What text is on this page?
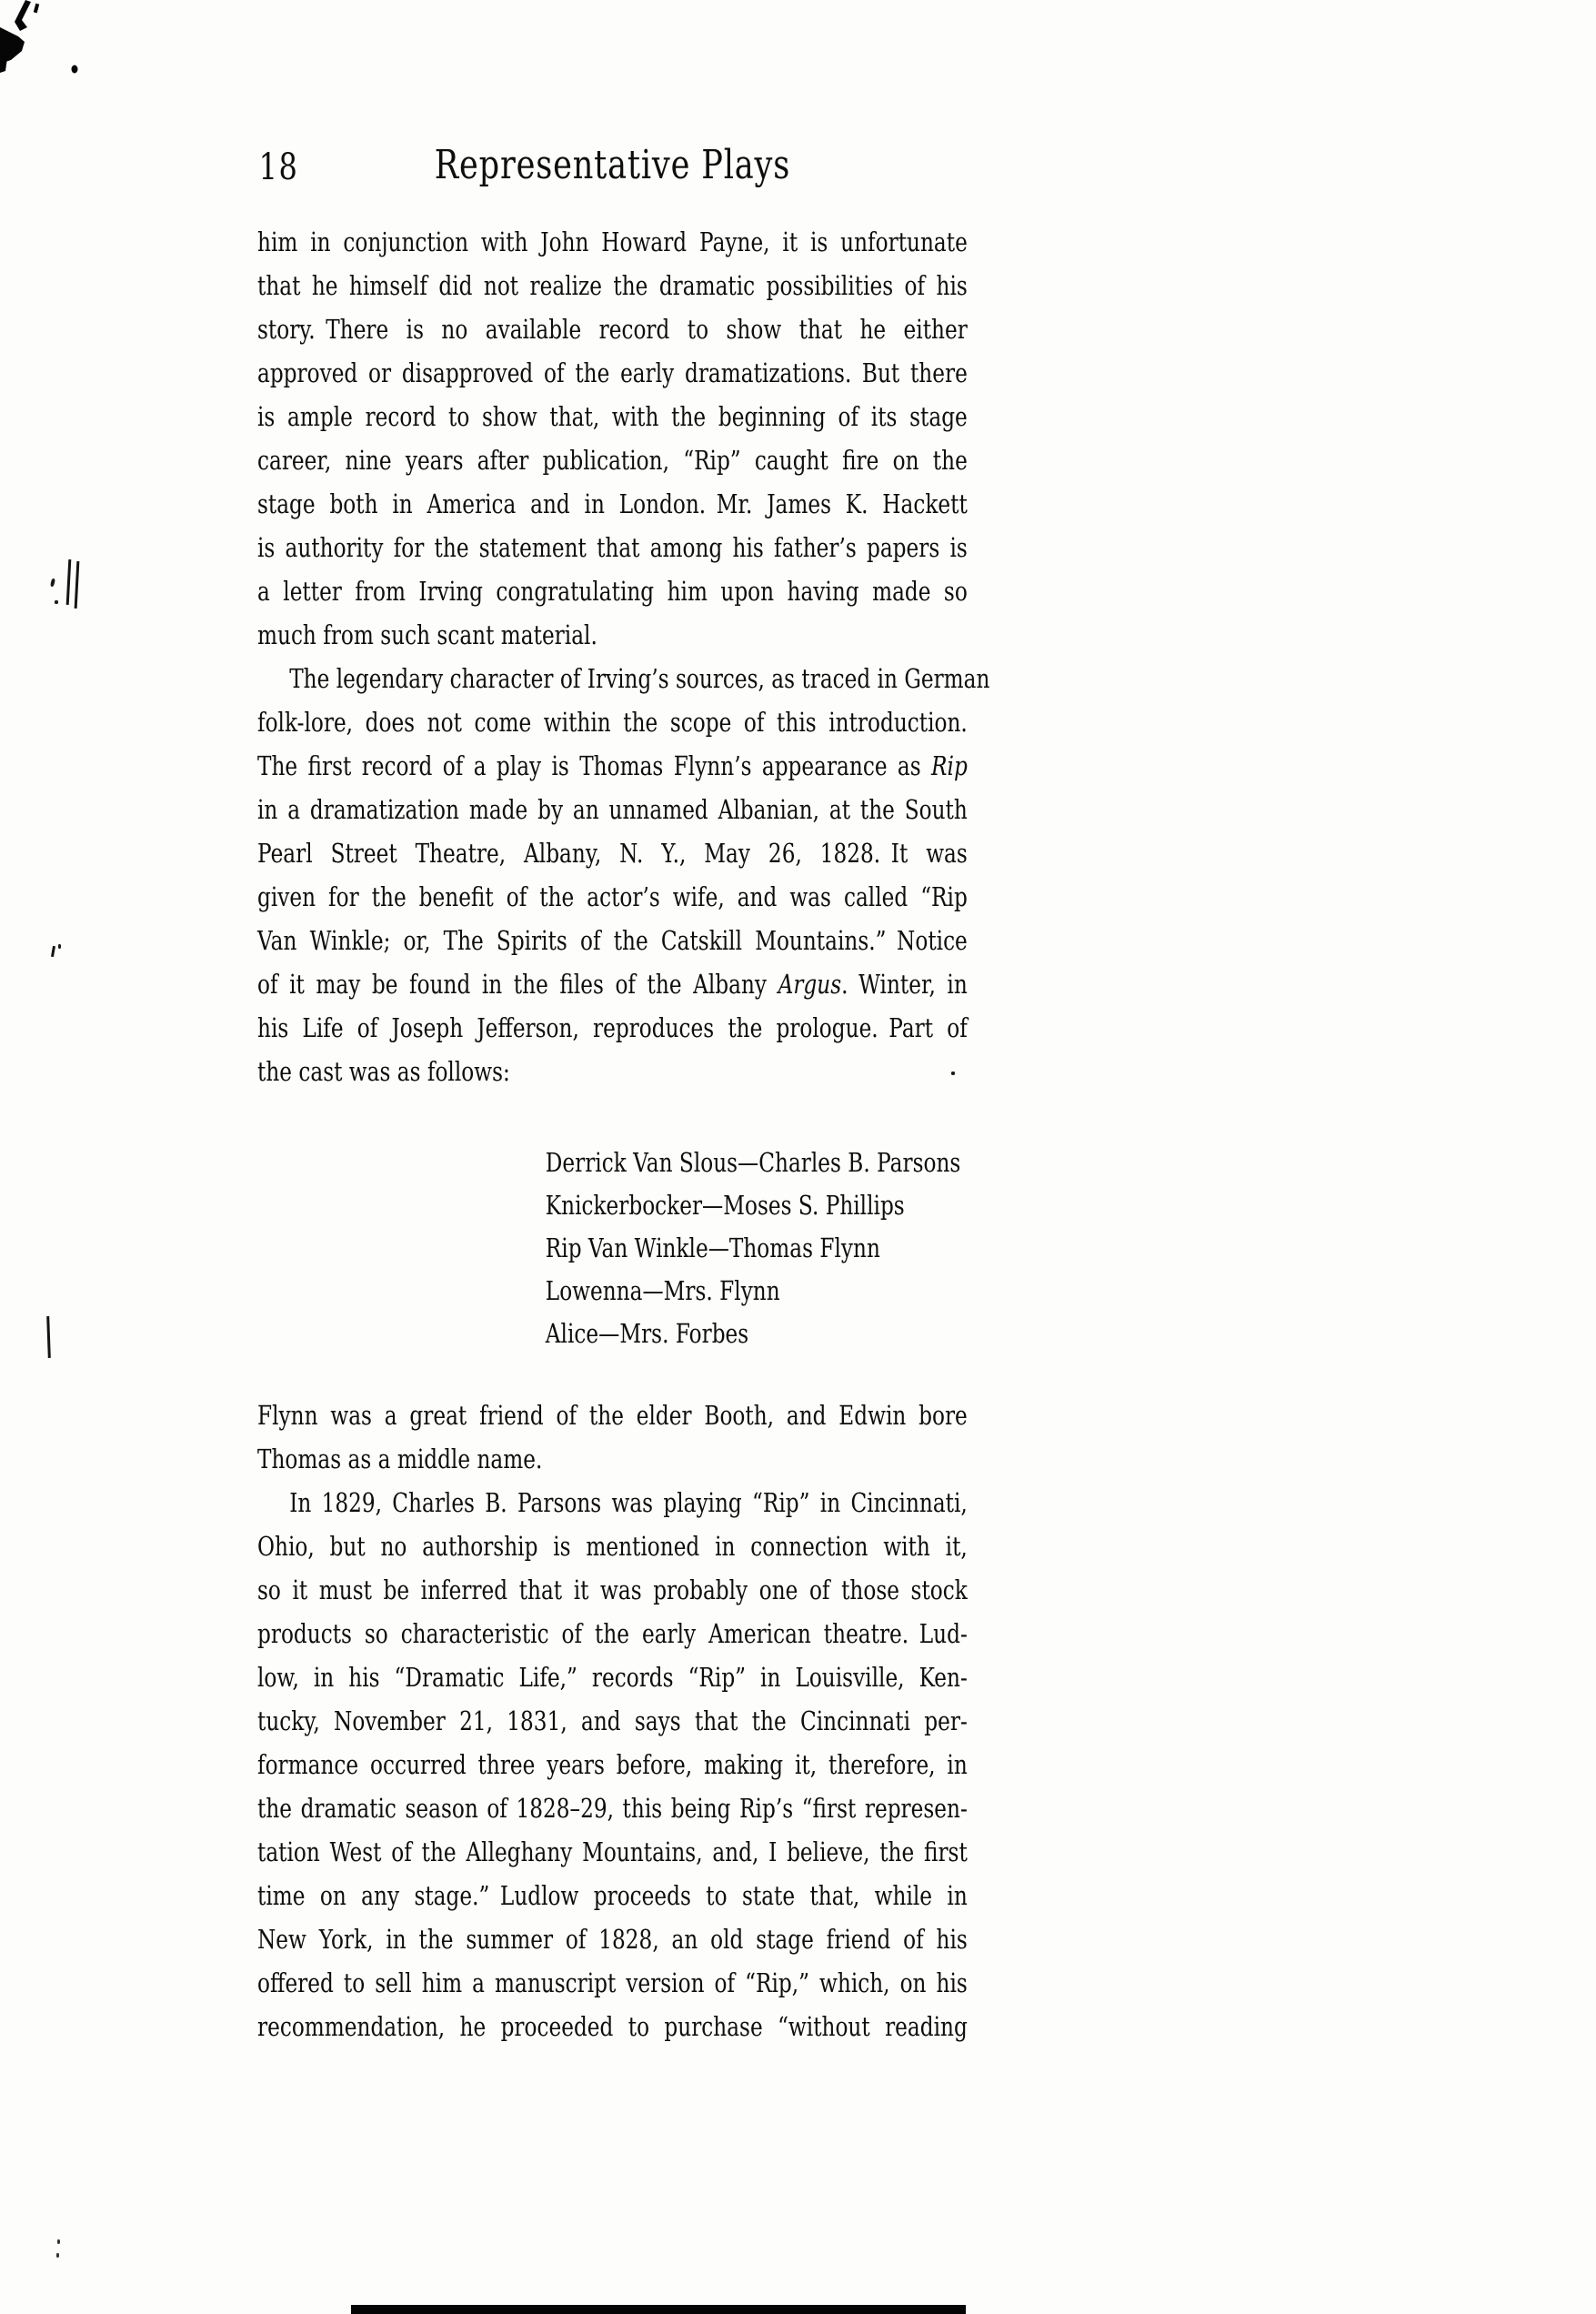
18	Representative Plays
him in conjunction with John Howard Payne, it is unfortunate
that he himself did not realize the dramatic possibilities of his
story. There is no available record to show that he either
approved or disapproved of the early dramatizations. But there
is ample record to show that, with the beginning of its stage
career, nine years after publication, “Rip” caught fire on the
stage both in America and in London. Mr. James K. Hackett
is authority for the statement that among his father’s papers is
a letter from Irving congratulating him upon having made so
much from such scant material.
The legendary character of Irving’s sources, as traced in German
folk-lore, does not come within the scope of this introduction.
The first record of a play is Thomas Flynn’s appearance as Rip
in a dramatization made by an unnamed Albanian, at the South
Pearl Street Theatre, Albany, N. Y., May 26, 1828. It was
given for the benefit of the actor’s wife, and was called “Rip
Van Winkle; or, The Spirits of the Catskill Mountains.” Notice
of it may be found in the files of the Albany Argus. Winter, in
his Life of Joseph Jefferson, reproduces the prologue. Part of
the cast was as follows:
Derrick Van Slous—Charles B. Parsons
Knickerbocker—Moses S. Phillips
Rip Van Winkle—Thomas Flynn
Lowenna—Mrs. Flynn
Alice—Mrs. Forbes
Flynn was a great friend of the elder Booth, and Edwin bore
Thomas as a middle name.
In 1829, Charles B. Parsons was playing “Rip” in Cincinnati,
Ohio, but no authorship is mentioned in connection with it,
so it must be inferred that it was probably one of those stock
products so characteristic of the early American theatre. Lud-
low, in his “Dramatic Life,” records “Rip” in Louisville, Ken-
tucky, November 21, 1831, and says that the Cincinnati per-
formance occurred three years before, making it, therefore, in
the dramatic season of 1828–29, this being Rip’s “first represen-
tation West of the Alleghany Mountains, and, I believe, the first
time on any stage.” Ludlow proceeds to state that, while in
New York, in the summer of 1828, an old stage friend of his
offered to sell him a manuscript version of “Rip,” which, on his
recommendation, he proceeded to purchase “without reading
